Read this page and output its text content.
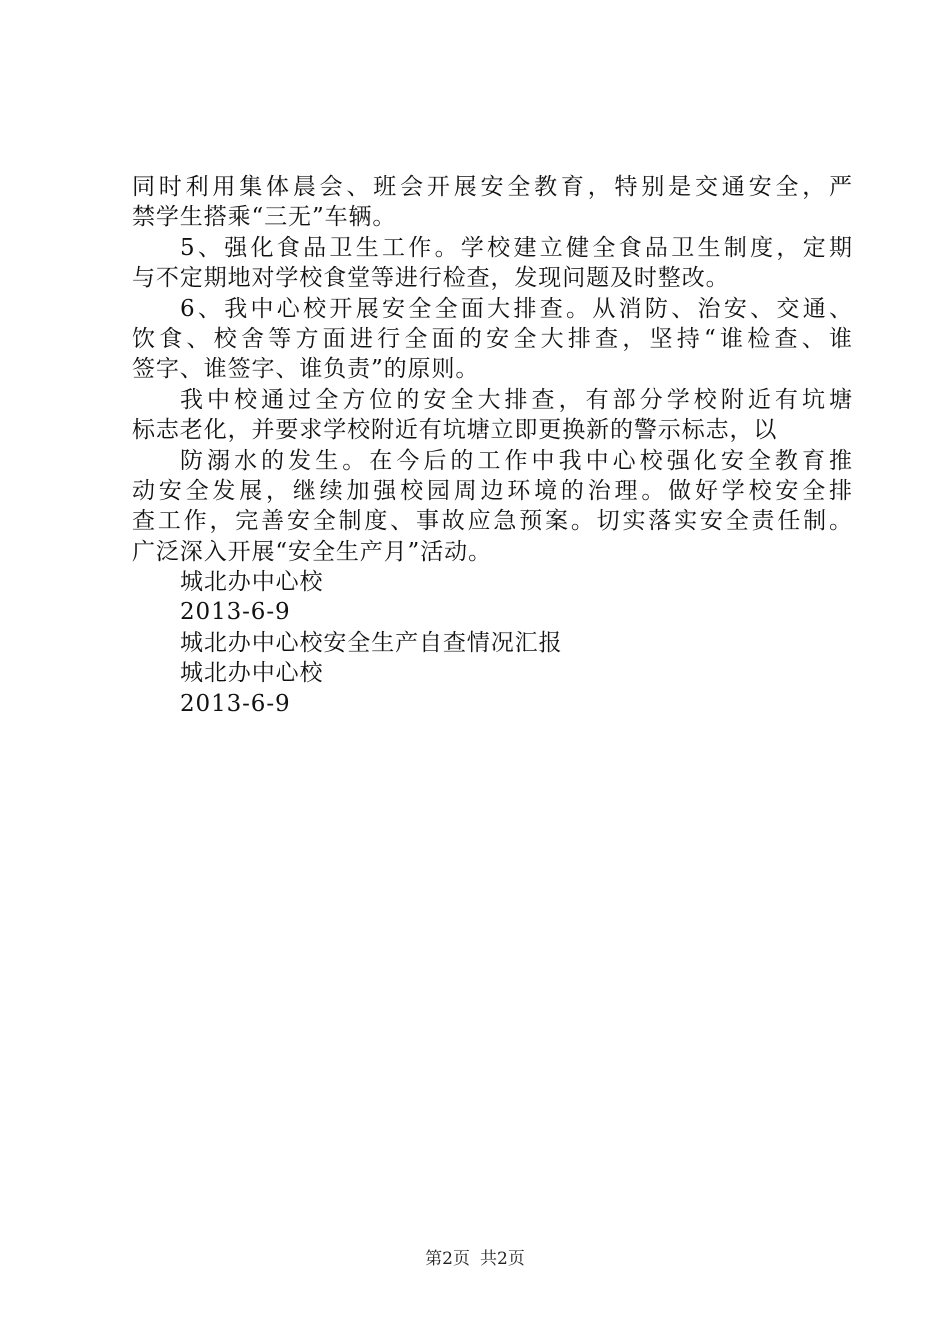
同时利用集体晨会、班会开展安全教育，特别是交通安全，严
禁学生搭乘“三无”车辆。
5、强化食品卫生工作。学校建立健全食品卫生制度，定期
与不定期地对学校食堂等进行检查，发现问题及时整改。
6、我中心校开展安全全面大排查。从消防、治安、交通、
饮食、校舍等方面进行全面的安全大排查，坚持“谁检查、谁
签字、谁签字、谁负责”的原则。
我中校通过全方位的安全大排查，有部分学校附近有坑塘
标志老化，并要求学校附近有坑塘立即更换新的警示标志，以
防溺水的发生。在今后的工作中我中心校强化安全教育推
动安全发展，继续加强校园周边环境的治理。做好学校安全排
查工作，完善安全制度、事故应急预案。切实落实安全责任制。
广泛深入开展“安全生产月”活动。
城北办中心校
2013-6-9
城北办中心校安全生产自查情况汇报
城北办中心校
2013-6-9
第2页 共2页
